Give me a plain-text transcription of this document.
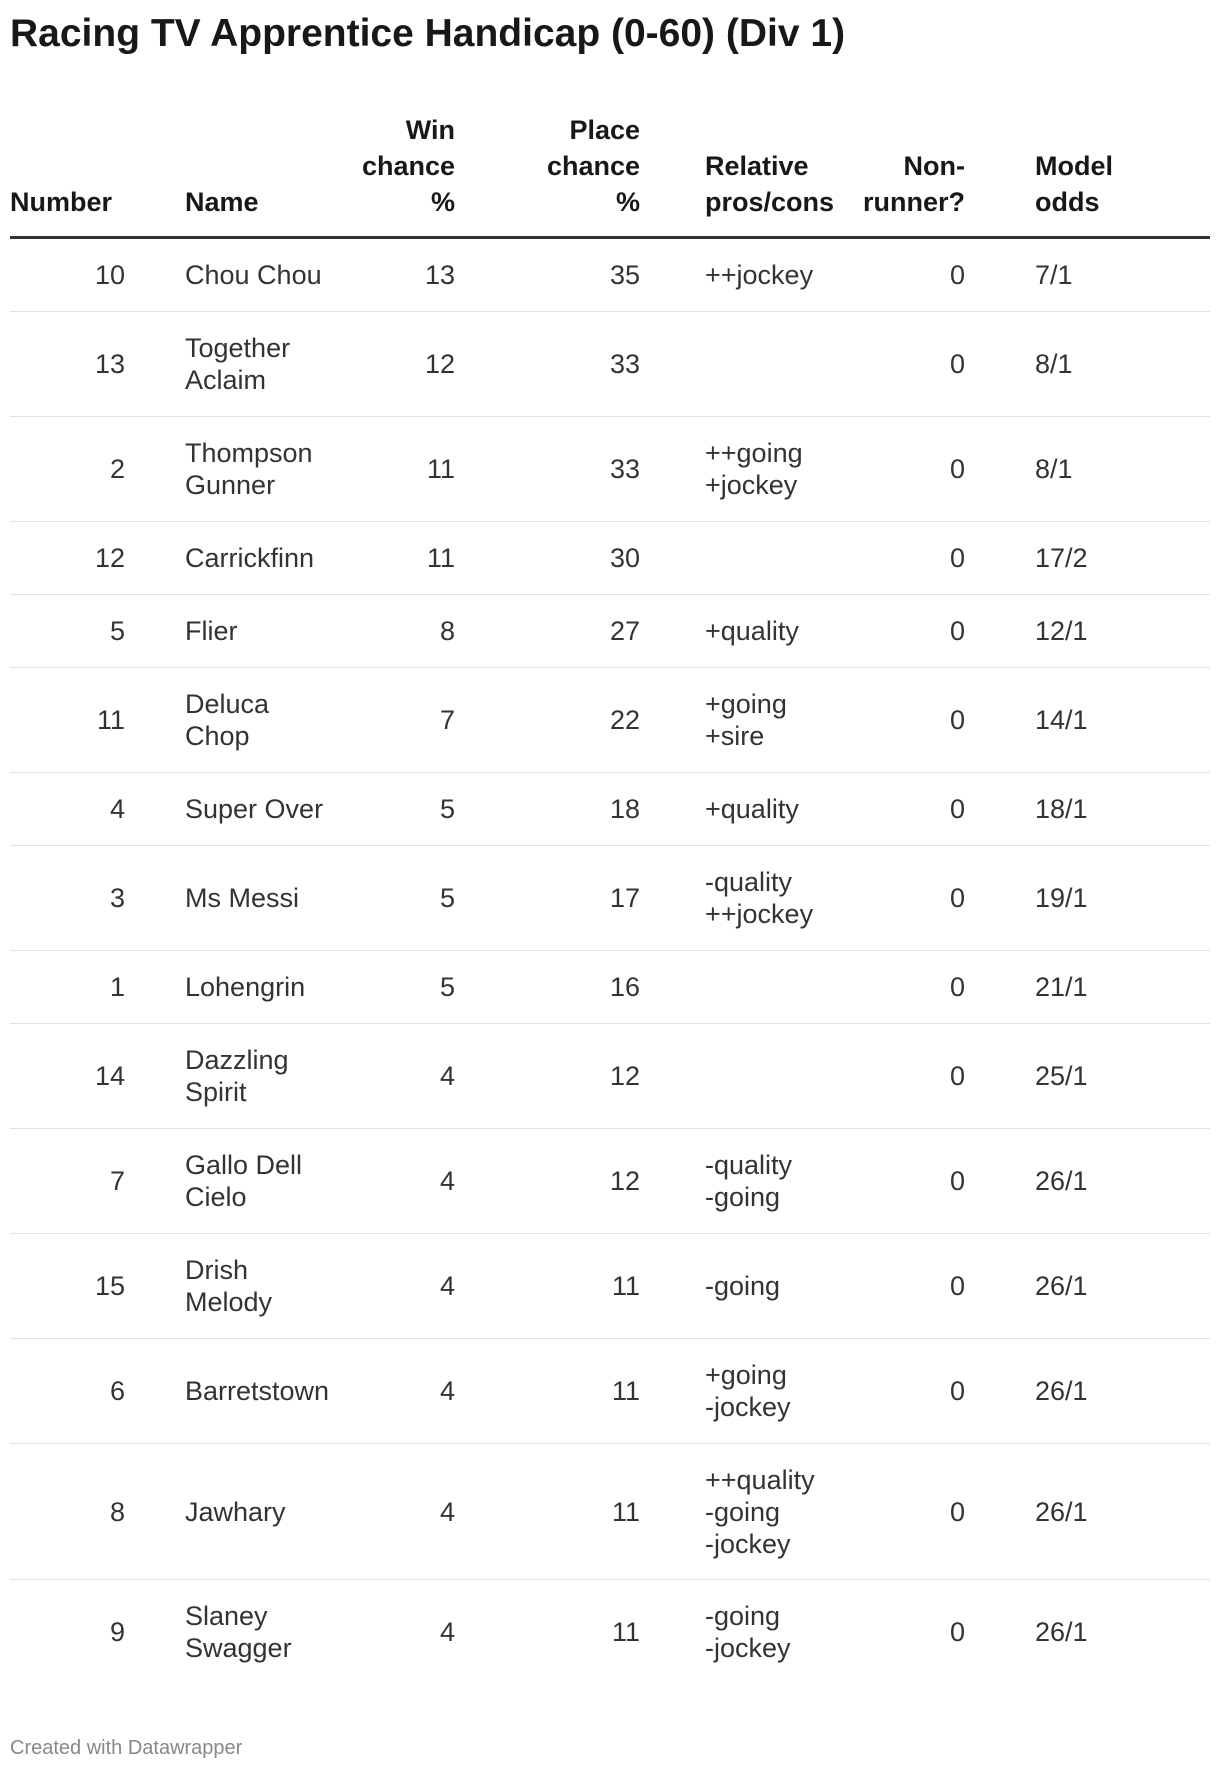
Racing TV Apprentice Handicap (0-60) (Div 1)
Number	Name	Win
chance
%	Place
chance
%	Relative
pros/cons	Non-
runner?	Model
odds
10	Chou Chou	13	35	++jockey	0	7/1
13	Together
Aclaim	12	33		0	8/1
2	Thompson
Gunner	11	33	++going
+jockey	0	8/1
12	Carrickfinn	11	30		0	17/2
5	Flier	8	27	+quality	0	12/1
11	Deluca
Chop	7	22	+going
+sire	0	14/1
4	Super Over	5	18	+quality	0	18/1
3	Ms Messi	5	17	-quality
++jockey	0	19/1
1	Lohengrin	5	16		0	21/1
14	Dazzling
Spirit	4	12		0	25/1
7	Gallo Dell
Cielo	4	12	-quality
-going	0	26/1
15	Drish
Melody	4	11	-going	0	26/1
6	Barretstown	4	11	+going
-jockey	0	26/1
8	Jawhary	4	11	++quality
-going
-jockey	0	26/1
9	Slaney
Swagger	4	11	-going
-jockey	0	26/1
Created with Datawrapper
